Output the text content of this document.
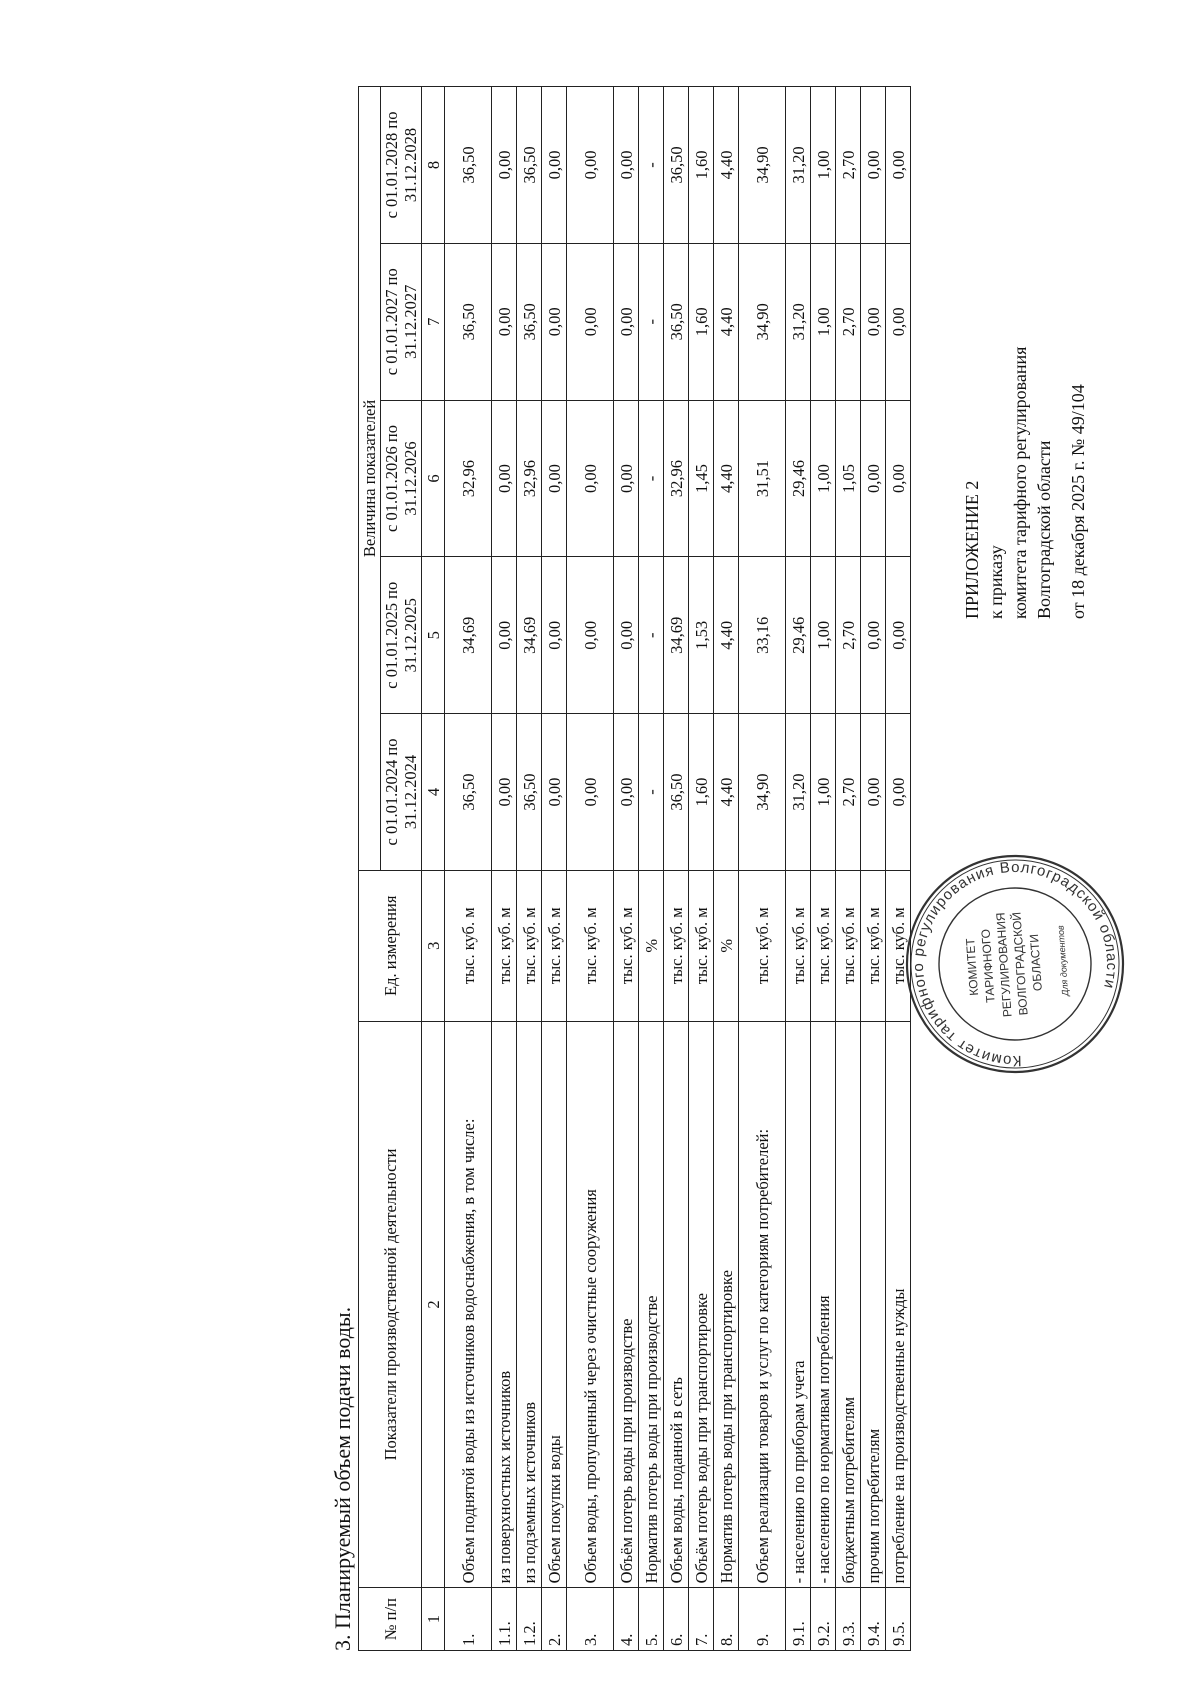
ПРИЛОЖЕНИЕ 2 к приказу комитета тарифного регулирования Волгоградской области от 18 декабря 2025 г. № 49/104
Комитет тарифного регулирования Волгоградской области
КОМИТЕТ
ТАРИФНОГО
РЕГУЛИРОВАНИЯ
ВОЛГОГРАДСКОЙ
ОБЛАСТИ Для документов
3. Планируемый объем подачи воды. № п/п	Показатели производственной деятельности	Ед. измерения	Величина показателей				
			с 01.01.2024 по 31.12.2024	с 01.01.2025 по 31.12.2025	с 01.01.2026 по 31.12.2026	с 01.01.2027 по 31.12.2027	с 01.01.2028 по 31.12.2028
1	2	3	4	5	6	7	8
1.	Объем поднятой воды из источников водоснабжения, в том числе:	тыс. куб. м	36,50	34,69	32,96	36,50	36,50
1.1.	из поверхностных источников	тыс. куб. м	0,00	0,00	0,00	0,00	0,00
1.2.	из подземных источников	тыс. куб. м	36,50	34,69	32,96	36,50	36,50
2.	Объем покупки воды	тыс. куб. м	0,00	0,00	0,00	0,00	0,00
3.	Объем воды, пропущенный через очистные сооружения	тыс. куб. м	0,00	0,00	0,00	0,00	0,00
4.	Объём потерь воды при производстве	тыс. куб. м	0,00	0,00	0,00	0,00	0,00
5.	Норматив потерь воды при производстве	%	-	-	-	-	-
6.	Объем воды, поданной в сеть	тыс. куб. м	36,50	34,69	32,96	36,50	36,50
7.	Объём потерь воды при транспортировке	тыс. куб. м	1,60	1,53	1,45	1,60	1,60
8.	Норматив потерь воды при транспортировке	%	4,40	4,40	4,40	4,40	4,40
9.	Объем реализации товаров и услуг по категориям потребителей:	тыс. куб. м	34,90	33,16	31,51	34,90	34,90
9.1.	- населению по приборам учета	тыс. куб. м	31,20	29,46	29,46	31,20	31,20
9.2.	- населению по нормативам потребления	тыс. куб. м	1,00	1,00	1,00	1,00	1,00
9.3.	бюджетным потребителям	тыс. куб. м	2,70	2,70	1,05	2,70	2,70
9.4.	прочим потребителям	тыс. куб. м	0,00	0,00	0,00	0,00	0,00
9.5.	потребление на производственные нужды	тыс. куб. м	0,00	0,00	0,00	0,00	0,00
